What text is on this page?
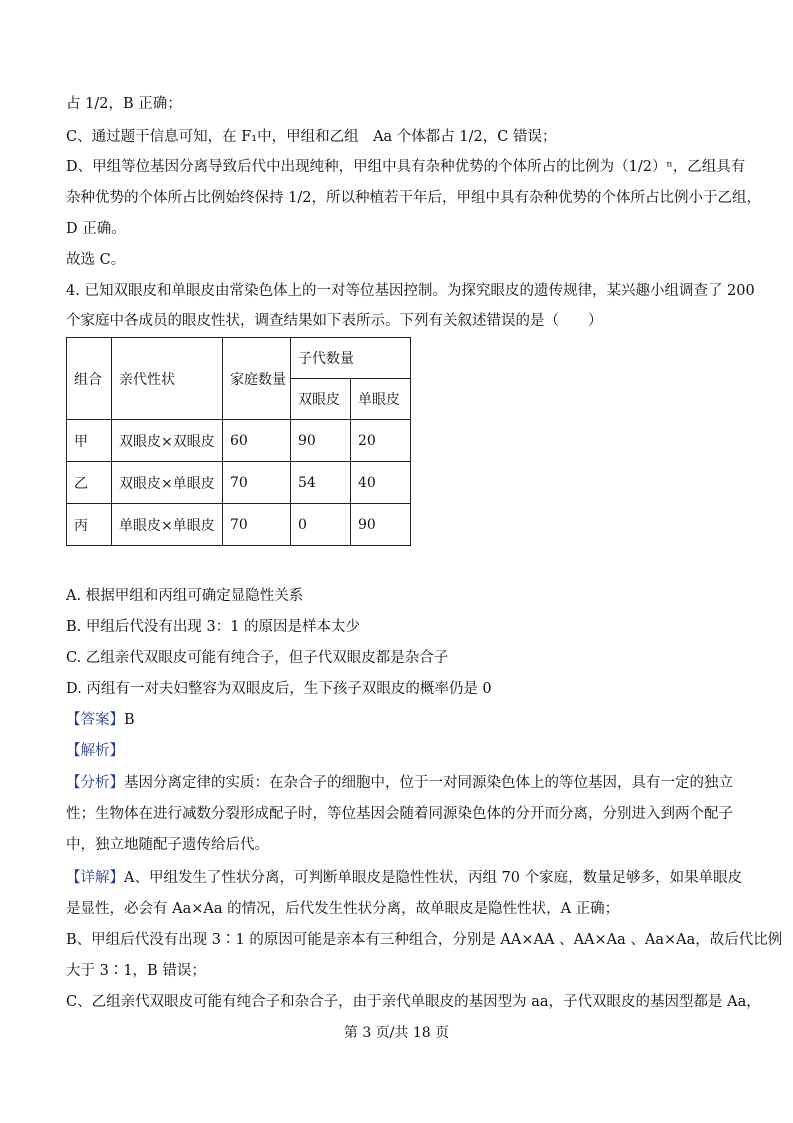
占 1/2，B 正确；
C、通过题干信息可知，在 F₁中，甲组和乙组　Aa 个体都占 1/2，C 错误；
D、甲组等位基因分离导致后代中出现纯种，甲组中具有杂种优势的个体所占的比例为（1/2）ⁿ，乙组具有
杂种优势的个体所占比例始终保持 1/2，所以种植若干年后，甲组中具有杂种优势的个体所占比例小于乙组，
D 正确。
故选 C。
4. 已知双眼皮和单眼皮由常染色体上的一对等位基因控制。为探究眼皮的遗传规律，某兴趣小组调查了 200
个家庭中各成员的眼皮性状，调查结果如下表所示。下列有关叙述错误的是（　　）
组合	亲代性状	家庭数量	子代数量	
			双眼皮	单眼皮
甲	双眼皮×双眼皮	60	90	20
乙	双眼皮×单眼皮	70	54	40
丙	单眼皮×单眼皮	70	0	90
A. 根据甲组和丙组可确定显隐性关系
B. 甲组后代没有出现 3：1 的原因是样本太少
C. 乙组亲代双眼皮可能有纯合子，但子代双眼皮都是杂合子
D. 丙组有一对夫妇整容为双眼皮后，生下孩子双眼皮的概率仍是 0
【答案】B
【解析】
【分析】基因分离定律的实质：在杂合子的细胞中，位于一对同源染色体上的等位基因，具有一定的独立
性；生物体在进行减数分裂形成配子时，等位基因会随着同源染色体的分开而分离，分别进入到两个配子
中，独立地随配子遗传给后代。
【详解】A、甲组发生了性状分离，可判断单眼皮是隐性性状，丙组 70 个家庭，数量足够多，如果单眼皮
是显性，必会有 Aa×Aa 的情况，后代发生性状分离，故单眼皮是隐性性状，A 正确；
B、甲组后代没有出现 3∶1 的原因可能是亲本有三种组合，分别是 AA×AA 、AA×Aa 、Aa×Aa，故后代比例
大于 3∶1，B 错误；
C、乙组亲代双眼皮可能有纯合子和杂合子，由于亲代单眼皮的基因型为 aa，子代双眼皮的基因型都是 Aa，
第 3 页/共 18 页
